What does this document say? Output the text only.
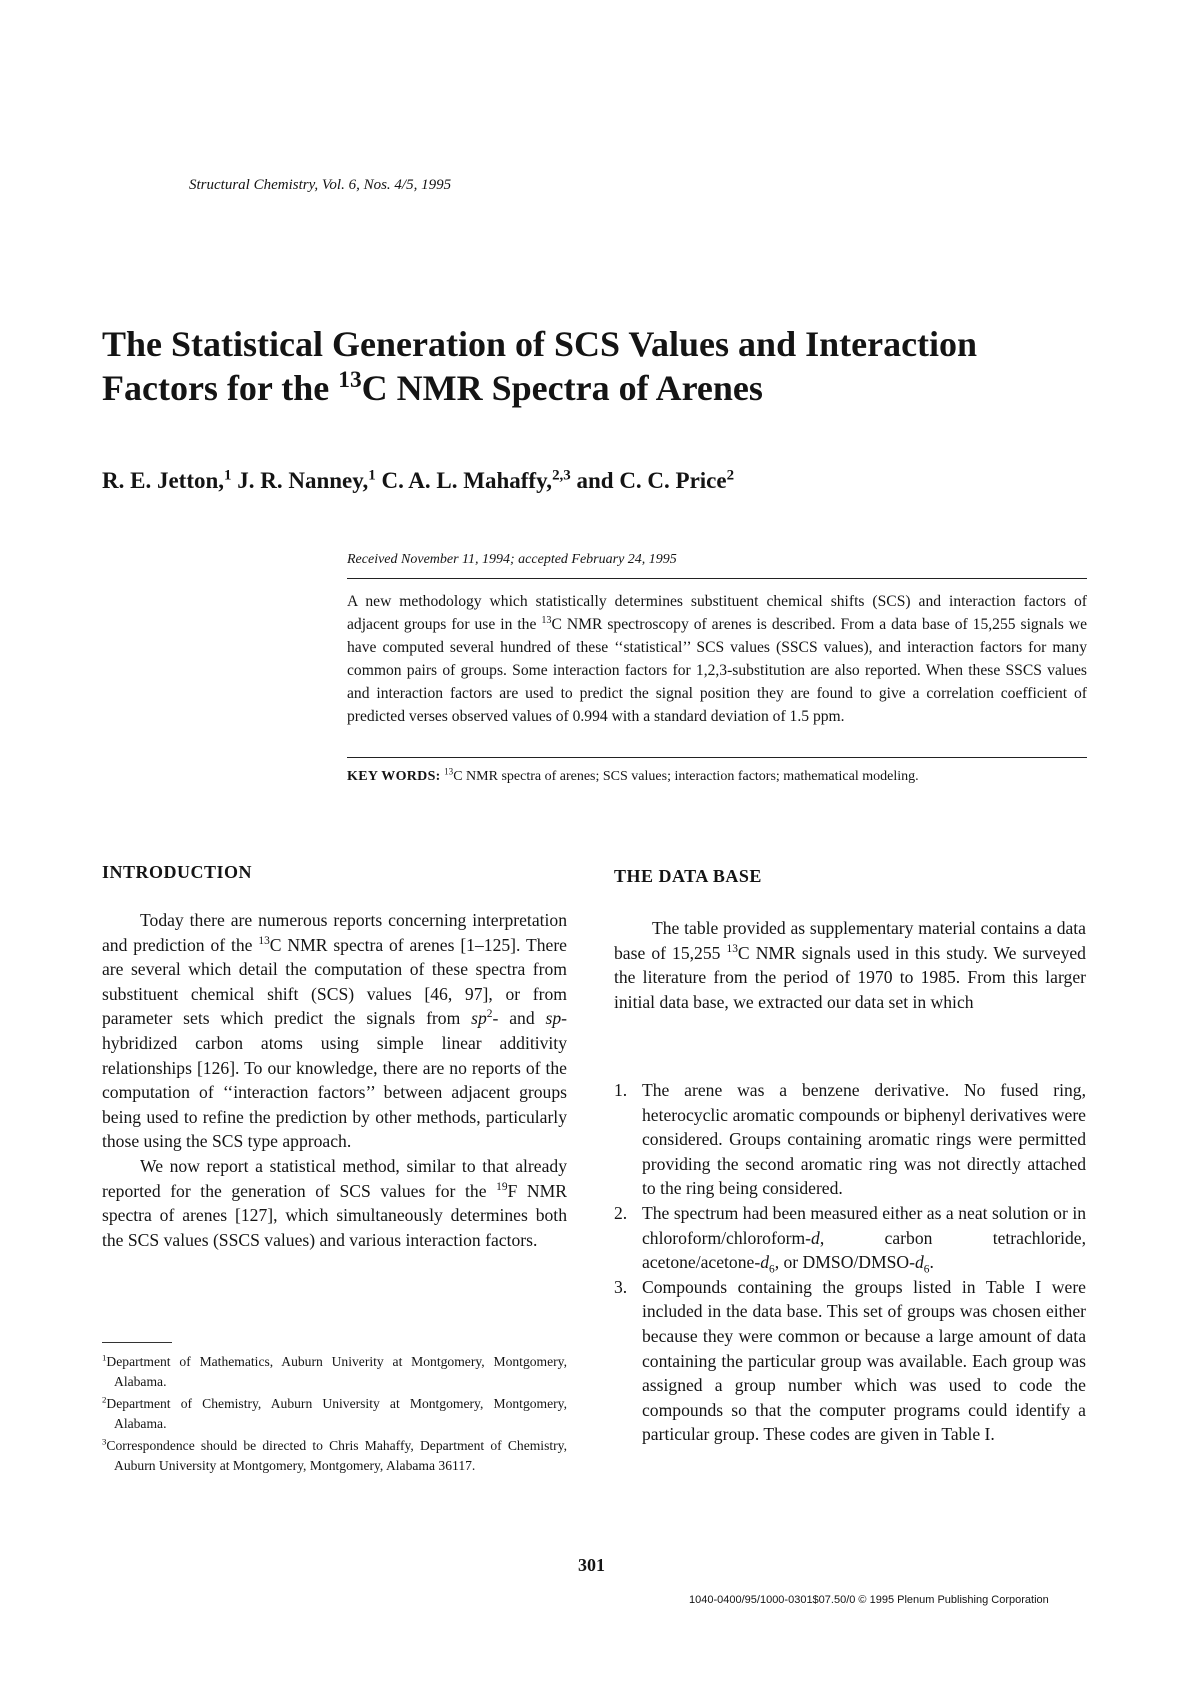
Structural Chemistry, Vol. 6, Nos. 4/5, 1995
The Statistical Generation of SCS Values and Interaction
Factors for the $^{13}$C NMR Spectra of Arenes
R. E. Jetton,$^1$ J. R. Nanney,$^1$ C. A. L. Mahaffy,$^{2,3}$ and C. C. Price$^2$
Received November 11, 1994; accepted February 24, 1995
A new methodology which statistically determines substituent chemical shifts (SCS) and interaction factors of adjacent groups for use in the $^{13}$C NMR spectroscopy of arenes is described. From a data base of 15,255 signals we have computed several hundred of these ‘‘statistical’’ SCS values (SSCS values), and interaction factors for many common pairs of groups. Some interaction factors for 1,2,3-substitution are also reported. When these SSCS values and interaction factors are used to predict the signal position they are found to give a correlation coefficient of predicted verses observed values of 0.994 with a standard deviation of 1.5 ppm.
KEY WORDS: $^{13}$C NMR spectra of arenes; SCS values; interaction factors; mathematical modeling.
INTRODUCTION

Today there are numerous reports concerning interpretation and prediction of the $^{13}$C NMR spectra of arenes [1–125]. There are several which detail the computation of these spectra from substituent chemical shift (SCS) values [46, 97], or from parameter sets which predict the signals from $sp^2-$ and sp-hybridized carbon atoms using simple linear additivity relationships [126]. To our knowledge, there are no reports of the computation of ‘‘interaction factors’’ between adjacent groups being used to refine the prediction by other methods, particularly those using the SCS type approach.

We now report a statistical method, similar to that already reported for the generation of SCS values for the $^{19}$F NMR spectra of arenes [127], which simultaneously determines both the SCS values (SSCS values) and various interaction factors.

$^1$Department of Mathematics, Auburn Univerity at Montgomery, Montgomery, Alabama.
$^2$Department of Chemistry, Auburn University at Montgomery, Montgomery, Alabama.
$^3$Correspondence should be directed to Chris Mahaffy, Department of Chemistry, Auburn University at Montgomery, Montgomery, Alabama 36117.
THE DATA BASE

The table provided as supplementary material contains a data base of 15,255 $^{13}$C NMR signals used in this study. We surveyed the literature from the period of 1970 to 1985. From this larger initial data base, we extracted our data set in which

1. The arene was a benzene derivative. No fused ring, heterocyclic aromatic compounds or biphenyl derivatives were considered. Groups containing aromatic rings were permitted providing the second aromatic ring was not directly attached to the ring being considered.
2. The spectrum had been measured either as a neat solution or in chloroform/chloroform-d, carbon tetrachloride, acetone/$acetone-d_6$, or DMSO/$DMSO-d_6$.
3. Compounds containing the groups listed in Table I were included in the data base. This set of groups was chosen either because they were common or because a large amount of data containing the particular group was available. Each group was assigned a group number which was used to code the compounds so that the computer programs could identify a particular group. These codes are given in Table I.
301
1040-0400/95/1000-0301$07.50/0 © 1995 Plenum Publishing Corporation
